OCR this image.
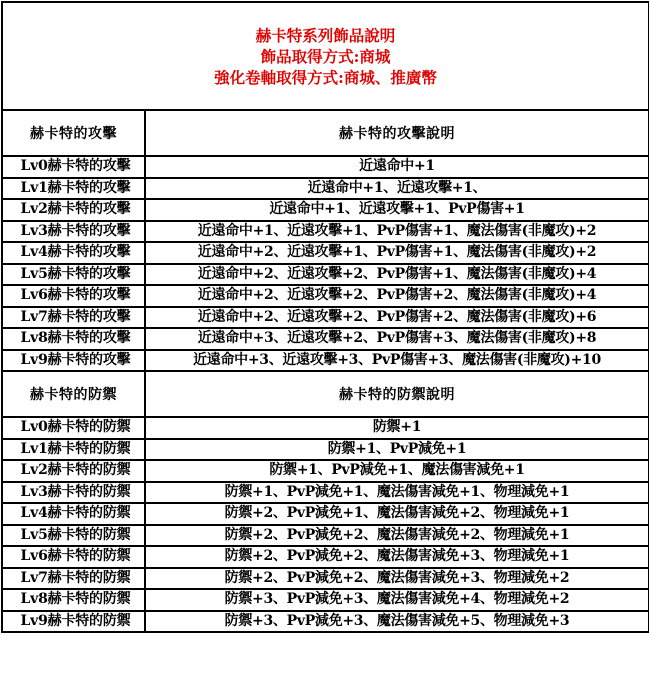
赫卡特系列飾品說明
飾品取得方式:商城
強化卷軸取得方式:商城、推廣幣	

赫卡特的攻擊	赫卡特的攻擊說明
Lv0赫卡特的攻擊	近遠命中+1
Lv1赫卡特的攻擊	近遠命中+1、近遠攻擊+1、
Lv2赫卡特的攻擊	近遠命中+1、近遠攻擊+1、PvP傷害+1
Lv3赫卡特的攻擊	近遠命中+1、近遠攻擊+1、PvP傷害+1、魔法傷害(非魔攻)+2
Lv4赫卡特的攻擊	近遠命中+2、近遠攻擊+1、PvP傷害+1、魔法傷害(非魔攻)+2
Lv5赫卡特的攻擊	近遠命中+2、近遠攻擊+2、PvP傷害+1、魔法傷害(非魔攻)+4
Lv6赫卡特的攻擊	近遠命中+2、近遠攻擊+2、PvP傷害+2、魔法傷害(非魔攻)+4
Lv7赫卡特的攻擊	近遠命中+2、近遠攻擊+2、PvP傷害+2、魔法傷害(非魔攻)+6
Lv8赫卡特的攻擊	近遠命中+3、近遠攻擊+2、PvP傷害+3、魔法傷害(非魔攻)+8
Lv9赫卡特的攻擊	近遠命中+3、近遠攻擊+3、PvP傷害+3、魔法傷害(非魔攻)+10
赫卡特的防禦	赫卡特的防禦說明
Lv0赫卡特的防禦	防禦+1
Lv1赫卡特的防禦	防禦+1、PvP減免+1
Lv2赫卡特的防禦	防禦+1、PvP減免+1、魔法傷害減免+1
Lv3赫卡特的防禦	防禦+1、PvP減免+1、魔法傷害減免+1、物理減免+1
Lv4赫卡特的防禦	防禦+2、PvP減免+1、魔法傷害減免+2、物理減免+1
Lv5赫卡特的防禦	防禦+2、PvP減免+2、魔法傷害減免+2、物理減免+1
Lv6赫卡特的防禦	防禦+2、PvP減免+2、魔法傷害減免+3、物理減免+1
Lv7赫卡特的防禦	防禦+2、PvP減免+2、魔法傷害減免+3、物理減免+2
Lv8赫卡特的防禦	防禦+3、PvP減免+3、魔法傷害減免+4、物理減免+2
Lv9赫卡特的防禦	防禦+3、PvP減免+3、魔法傷害減免+5、物理減免+3
